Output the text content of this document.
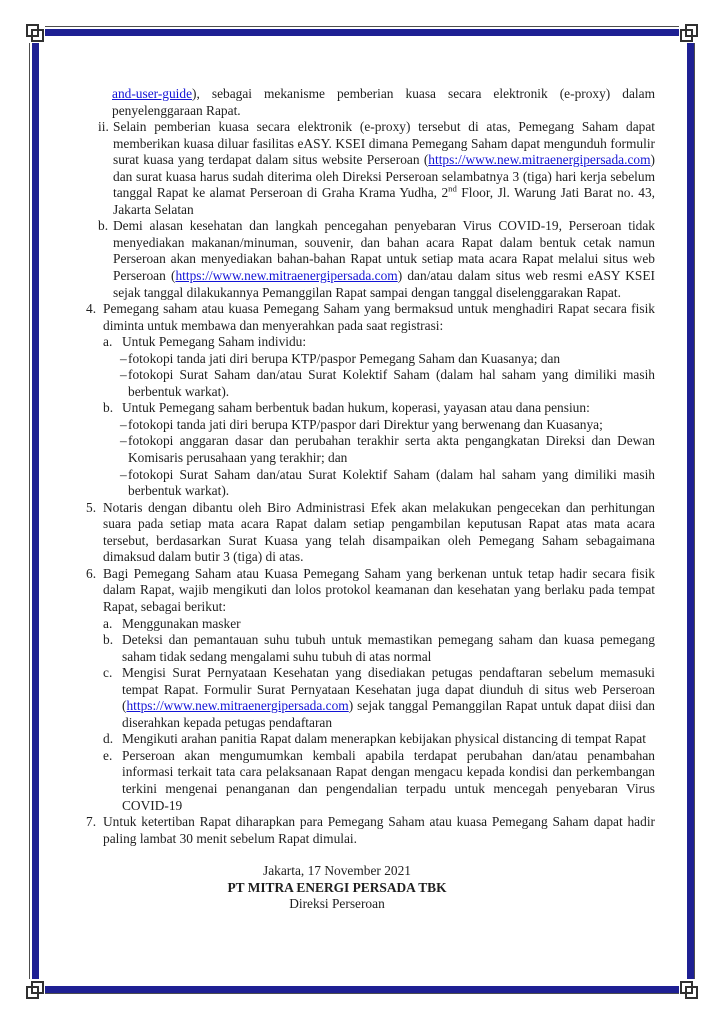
and-user-guide), sebagai mekanisme pemberian kuasa secara elektronik (e-proxy) dalam penyelenggaraan Rapat.
ii. Selain pemberian kuasa secara elektronik (e-proxy) tersebut di atas, Pemegang Saham dapat memberikan kuasa diluar fasilitas eASY. KSEI dimana Pemegang Saham dapat mengunduh formulir surat kuasa yang terdapat dalam situs website Perseroan (https://www.new.mitraenergipersada.com) dan surat kuasa harus sudah diterima oleh Direksi Perseroan selambatnya 3 (tiga) hari kerja sebelum tanggal Rapat ke alamat Perseroan di Graha Krama Yudha, 2nd Floor, Jl. Warung Jati Barat no. 43, Jakarta Selatan
b. Demi alasan kesehatan dan langkah pencegahan penyebaran Virus COVID-19, Perseroan tidak menyediakan makanan/minuman, souvenir, dan bahan acara Rapat dalam bentuk cetak namun Perseroan akan menyediakan bahan-bahan Rapat untuk setiap mata acara Rapat melalui situs web Perseroan (https://www.new.mitraenergipersada.com) dan/atau dalam situs web resmi eASY KSEI sejak tanggal dilakukannya Pemanggilan Rapat sampai dengan tanggal diselenggarakan Rapat.
4. Pemegang saham atau kuasa Pemegang Saham yang bermaksud untuk menghadiri Rapat secara fisik diminta untuk membawa dan menyerahkan pada saat registrasi:
a. Untuk Pemegang Saham individu:
– fotokopi tanda jati diri berupa KTP/paspor Pemegang Saham dan Kuasanya; dan
– fotokopi Surat Saham dan/atau Surat Kolektif Saham (dalam hal saham yang dimiliki masih berbentuk warkat).
b. Untuk Pemegang saham berbentuk badan hukum, koperasi, yayasan atau dana pensiun:
– fotokopi tanda jati diri berupa KTP/paspor dari Direktur yang berwenang dan Kuasanya;
– fotokopi anggaran dasar dan perubahan terakhir serta akta pengangkatan Direksi dan Dewan Komisaris perusahaan yang terakhir; dan
– fotokopi Surat Saham dan/atau Surat Kolektif Saham (dalam hal saham yang dimiliki masih berbentuk warkat).
5. Notaris dengan dibantu oleh Biro Administrasi Efek akan melakukan pengecekan dan perhitungan suara pada setiap mata acara Rapat dalam setiap pengambilan keputusan Rapat atas mata acara tersebut, berdasarkan Surat Kuasa yang telah disampaikan oleh Pemegang Saham sebagaimana dimaksud dalam butir 3 (tiga) di atas.
6. Bagi Pemegang Saham atau Kuasa Pemegang Saham yang berkenan untuk tetap hadir secara fisik dalam Rapat, wajib mengikuti dan lolos protokol keamanan dan kesehatan yang berlaku pada tempat Rapat, sebagai berikut:
a. Menggunakan masker
b. Deteksi dan pemantauan suhu tubuh untuk memastikan pemegang saham dan kuasa pemegang saham tidak sedang mengalami suhu tubuh di atas normal
c. Mengisi Surat Pernyataan Kesehatan yang disediakan petugas pendaftaran sebelum memasuki tempat Rapat. Formulir Surat Pernyataan Kesehatan juga dapat diunduh di situs web Perseroan (https://www.new.mitraenergipersada.com) sejak tanggal Pemanggilan Rapat untuk dapat diisi dan diserahkan kepada petugas pendaftaran
d. Mengikuti arahan panitia Rapat dalam menerapkan kebijakan physical distancing di tempat Rapat
e. Perseroan akan mengumumkan kembali apabila terdapat perubahan dan/atau penambahan informasi terkait tata cara pelaksanaan Rapat dengan mengacu kepada kondisi dan perkembangan terkini mengenai penanganan dan pengendalian terpadu untuk mencegah penyebaran Virus COVID-19
7. Untuk ketertiban Rapat diharapkan para Pemegang Saham atau kuasa Pemegang Saham dapat hadir paling lambat 30 menit sebelum Rapat dimulai.
Jakarta, 17 November 2021
PT MITRA ENERGI PERSADA TBK
Direksi Perseroan
